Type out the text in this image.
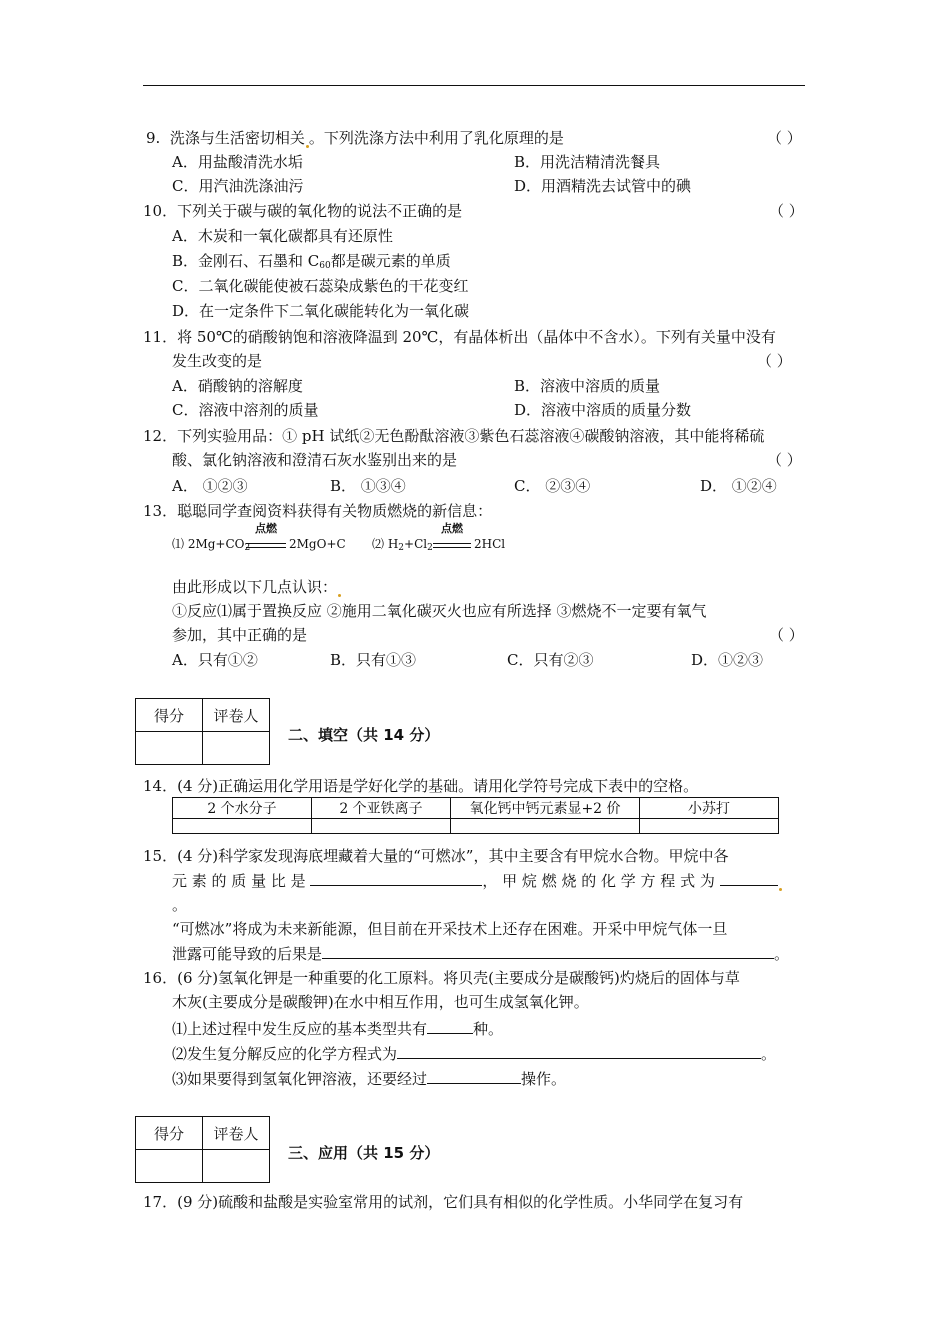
9. 洗涤与生活密切相关 。下列洗涤方法中利用了乳化原理的是	（ ）
A．用盐酸清洗水垢	B．用洗洁精清洗餐具
C．用汽油洗涤油污	D．用酒精洗去试管中的碘
10．下列关于碳与碳的氧化物的说法不正确的是	（ ）
A．木炭和一氧化碳都具有还原性
B．金刚石、石墨和 $C_{60}$都是碳元素的单质
C．二氧化碳能使被石蕊染成紫色的干花变红
D．在一定条件下二氧化碳能转化为一氧化碳
11．将 50℃的硝酸钠饱和溶液降温到 20℃，有晶体析出（晶体中不含水）。下列有关量中没有
发生改变的是	（ ）
A．硝酸钠的溶解度	B．溶液中溶质的质量
C．溶液中溶剂的质量	D．溶液中溶质的质量分数
12．下列实验用品：① pH 试纸②无色酚酞溶液③紫色石蕊溶液④碳酸钠溶液，其中能将稀硫
酸、氯化钠溶液和澄清石灰水鉴别出来的是	（ ）
A． ①②③	B． ①③④	C． ②③④	D． ①②④
13．聪聪同学查阅资料获得有关物质燃烧的新信息：
⑴ $2Mg+CO_2$
点燃
2MgO+C ⑵ $H_2+Cl_2$
点燃
2HCl
由此形成以下几点认识：
①反应⑴属于置换反应 ②施用二氧化碳灭火也应有所选择 ③燃烧不一定要有氧气
参加，其中正确的是	（ ）
A．只有①②	B．只有①③	C．只有②③	D．①②③
得分	评卷人

二、填空（共 14 分）
14．(4 分)正确运用化学用语是学好化学的基础。请用化学符号完成下表中的空格。
2 个水分子	2 个亚铁离子	氧化钙中钙元素显+2 价	小苏打

15．(4 分)科学家发现海底埋藏着大量的“可燃冰”，其中主要含有甲烷水合物。甲烷中各
元 素 的 质 量 比 是	， 甲 烷 燃 烧 的 化 学 方 程 式 为
。
“可燃冰”将成为未来新能源，但目前在开采技术上还存在困难。开采中甲烷气体一旦
泄露可能导致的后果是	。
16．(6 分)氢氧化钾是一种重要的化工原料。将贝壳(主要成分是碳酸钙)灼烧后的固体与草
木灰(主要成分是碳酸钾)在水中相互作用，也可生成氢氧化钾。
⑴上述过程中发生反应的基本类型共有	种。
⑵发生复分解反应的化学方程式为	。
⑶如果要得到氢氧化钾溶液，还要经过	操作。
得分	评卷人

三、应用（共 15 分）
17．(9 分)硫酸和盐酸是实验室常用的试剂，它们具有相似的化学性质。小华同学在复习有
